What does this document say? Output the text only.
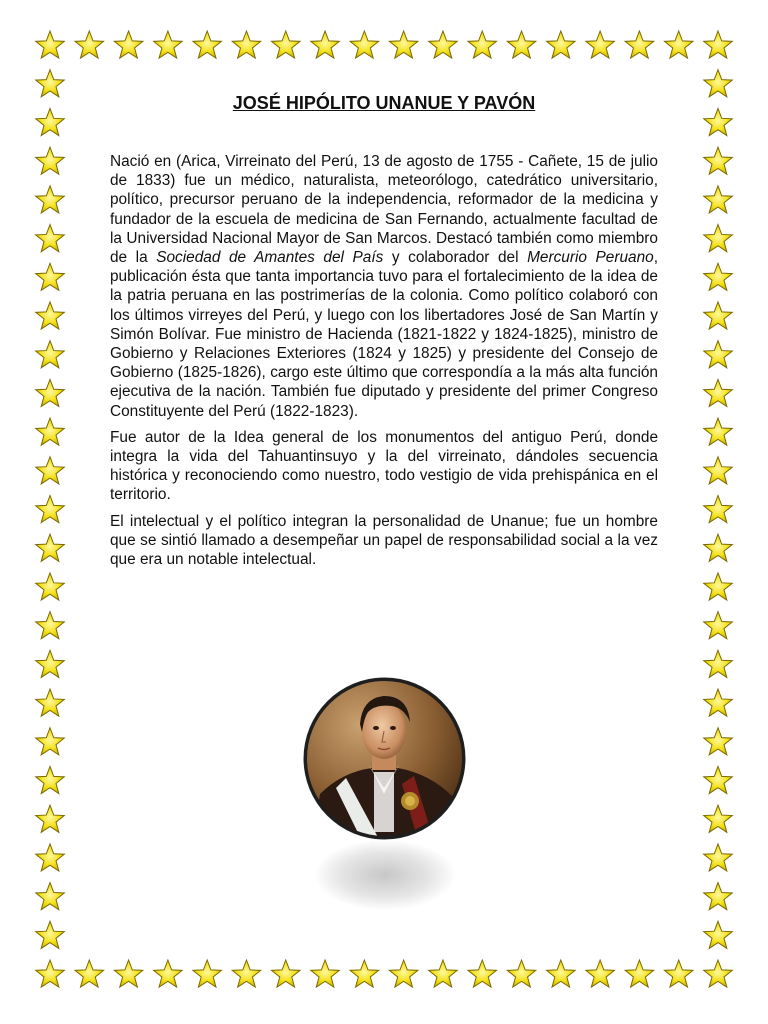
JOSÉ HIPÓLITO UNANUE Y PAVÓN

Nació en (Arica, Virreinato del Perú, 13 de agosto de 1755 - Cañete, 15 de julio de 1833) fue un médico, naturalista, meteorólogo, catedrático universitario, político, precursor peruano de la independencia, reformador de la medicina y fundador de la escuela de medicina de San Fernando, actualmente facultad de la Universidad Nacional Mayor de San Marcos. Destacó también como miembro de la Sociedad de Amantes del País y colaborador del Mercurio Peruano, publicación ésta que tanta importancia tuvo para el fortalecimiento de la idea de la patria peruana en las postrimerías de la colonia. Como político colaboró con los últimos virreyes del Perú, y luego con los libertadores José de San Martín y Simón Bolívar. Fue ministro de Hacienda (1821-1822 y 1824-1825), ministro de Gobierno y Relaciones Exteriores (1824 y 1825) y presidente del Consejo de Gobierno (1825-1826), cargo este último que correspondía a la más alta función ejecutiva de la nación. También fue diputado y presidente del primer Congreso Constituyente del Perú (1822-1823).

Fue autor de la Idea general de los monumentos del antiguo Perú, donde integra la vida del Tahuantinsuyo y la del virreinato, dándoles secuencia histórica y reconociendo como nuestro, todo vestigio de vida prehispánica en el territorio.

El intelectual y el político integran la personalidad de Unanue; fue un hombre que se sintió llamado a desempeñar un papel de responsabilidad social a la vez que era un notable intelectual.
